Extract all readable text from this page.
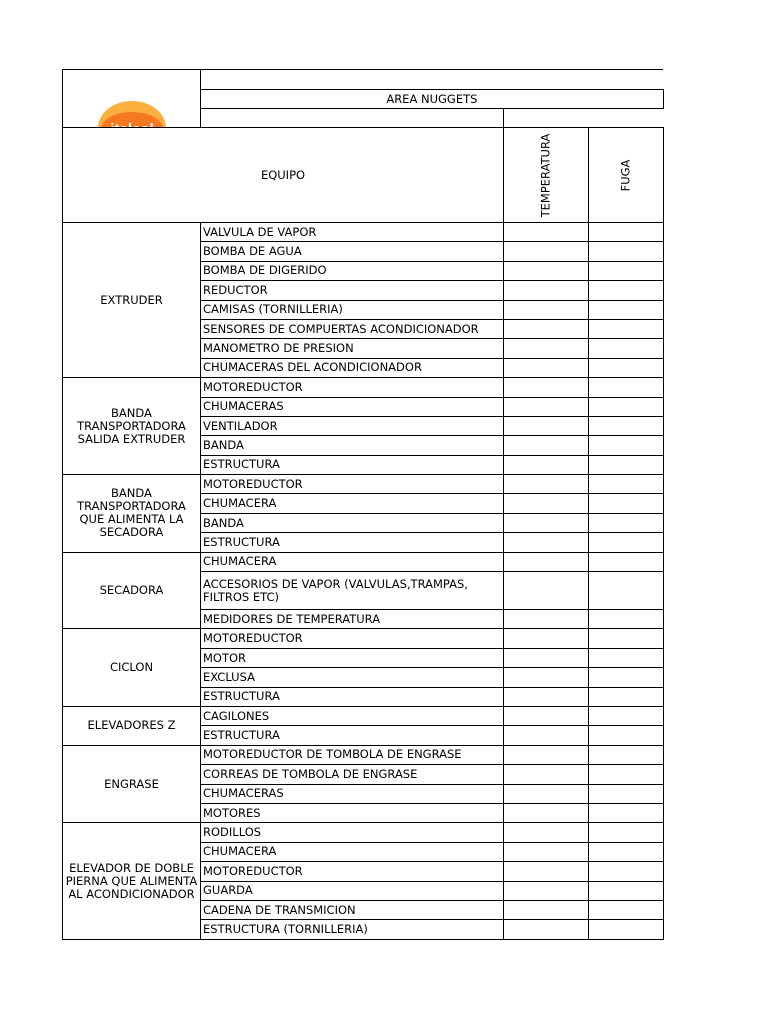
italcol			

	AREA NUGGETS		

EQUIPO		TEMPERATURA	FUGA
EXTRUDER	VALVULA DE VAPOR		
	BOMBA DE AGUA		
	BOMBA DE DIGERIDO		
	REDUCTOR		
	CAMISAS (TORNILLERIA)		
	SENSORES DE COMPUERTAS ACONDICIONADOR		
	MANOMETRO DE PRESION		
	CHUMACERAS DEL ACONDICIONADOR		
BANDA TRANSPORTADORA SALIDA EXTRUDER	MOTOREDUCTOR		
	CHUMACERAS		
	VENTILADOR		
	BANDA		
	ESTRUCTURA		
BANDA TRANSPORTADORA QUE ALIMENTA LA SECADORA	MOTOREDUCTOR		
	CHUMACERA		
	BANDA		
	ESTRUCTURA		
SECADORA	CHUMACERA		
	ACCESORIOS DE VAPOR (VALVULAS,TRAMPAS, FILTROS ETC)		
	MEDIDORES DE TEMPERATURA		
CICLON	MOTOREDUCTOR		
	MOTOR		
	EXCLUSA		
	ESTRUCTURA		
ELEVADORES Z	CAGILONES		
	ESTRUCTURA		
ENGRASE	MOTOREDUCTOR DE TOMBOLA DE ENGRASE		
	CORREAS DE TOMBOLA DE ENGRASE		
	CHUMACERAS		
	MOTORES		
ELEVADOR DE DOBLE PIERNA QUE ALIMENTA AL ACONDICIONADOR	RODILLOS		
	CHUMACERA		
	MOTOREDUCTOR		
	GUARDA		
	CADENA DE TRANSMICION		
	ESTRUCTURA (TORNILLERIA)		
